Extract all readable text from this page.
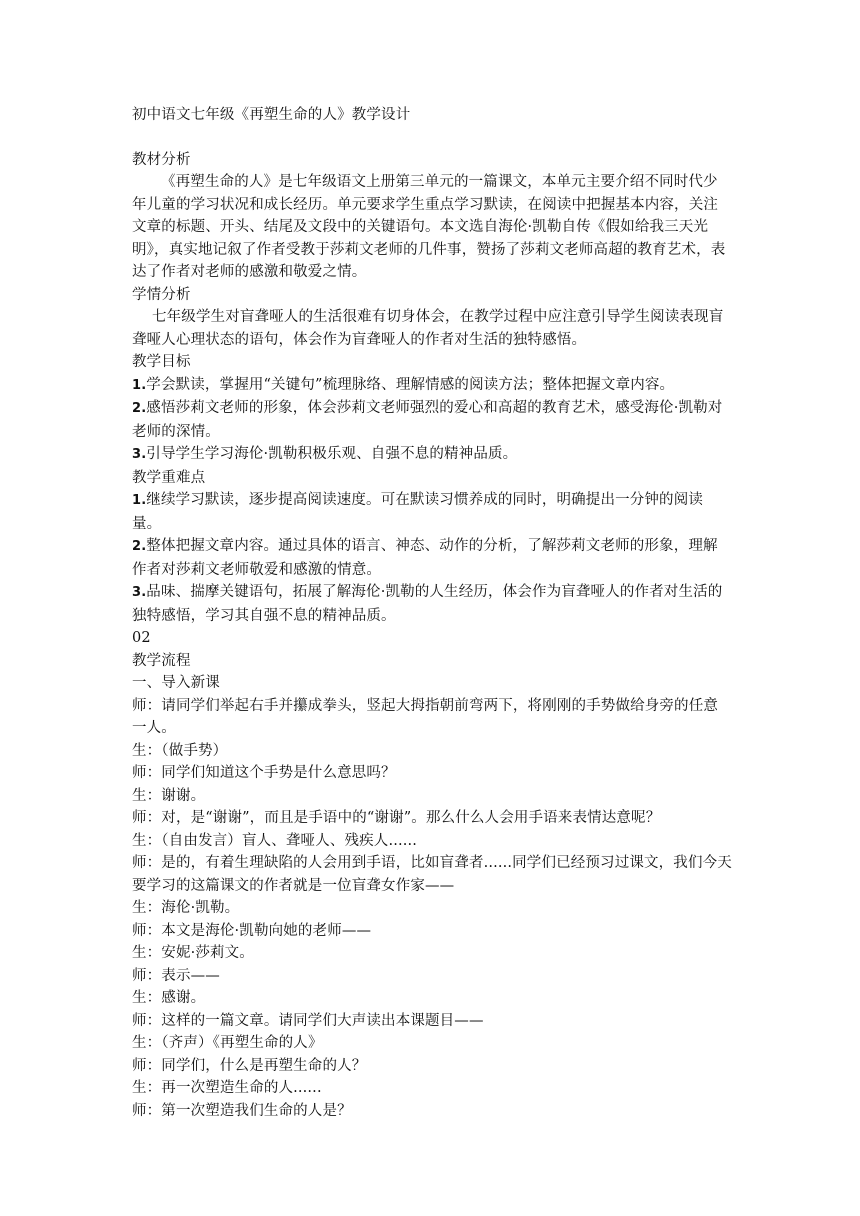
初中语文七年级《再塑生命的人》教学设计

教材分析

《再塑生命的人》是七年级语文上册第三单元的一篇课文，本单元主要介绍不同时代少年儿童的学习状况和成长经历。单元要求学生重点学习默读，在阅读中把握基本内容，关注文章的标题、开头、结尾及文段中的关键语句。本文选自海伦·凯勒自传《假如给我三天光明》，真实地记叙了作者受教于莎莉文老师的几件事，赞扬了莎莉文老师高超的教育艺术，表达了作者对老师的感激和敬爱之情。

学情分析

七年级学生对盲聋哑人的生活很难有切身体会，在教学过程中应注意引导学生阅读表现盲聋哑人心理状态的语句，体会作为盲聋哑人的作者对生活的独特感悟。

教学目标

1.学会默读，掌握用“关键句”梳理脉络、理解情感的阅读方法；整体把握文章内容。

2.感悟莎莉文老师的形象，体会莎莉文老师强烈的爱心和高超的教育艺术，感受海伦·凯勒对老师的深情。

3.引导学生学习海伦·凯勒积极乐观、自强不息的精神品质。

教学重难点

1.继续学习默读，逐步提高阅读速度。可在默读习惯养成的同时，明确提出一分钟的阅读量。

2.整体把握文章内容。通过具体的语言、神态、动作的分析，了解莎莉文老师的形象，理解作者对莎莉文老师敬爱和感激的情意。

3.品味、揣摩关键语句，拓展了解海伦·凯勒的人生经历，体会作为盲聋哑人的作者对生活的独特感悟，学习其自强不息的精神品质。

02

教学流程

一、导入新课

师：请同学们举起右手并攥成拳头，竖起大拇指朝前弯两下，将刚刚的手势做给身旁的任意一人。

生：（做手势）

师：同学们知道这个手势是什么意思吗？

生：谢谢。

师：对，是“谢谢”，而且是手语中的“谢谢”。那么什么人会用手语来表情达意呢？

生：（自由发言）盲人、聋哑人、残疾人......

师：是的，有着生理缺陷的人会用到手语，比如盲聋者......同学们已经预习过课文，我们今天要学习的这篇课文的作者就是一位盲聋女作家——

生：海伦·凯勒。

师：本文是海伦·凯勒向她的老师——

生：安妮·莎莉文。

师：表示——

生：感谢。

师：这样的一篇文章。请同学们大声读出本课题目——

生：（齐声）《再塑生命的人》

师：同学们，什么是再塑生命的人？

生：再一次塑造生命的人......

师：第一次塑造我们生命的人是？
